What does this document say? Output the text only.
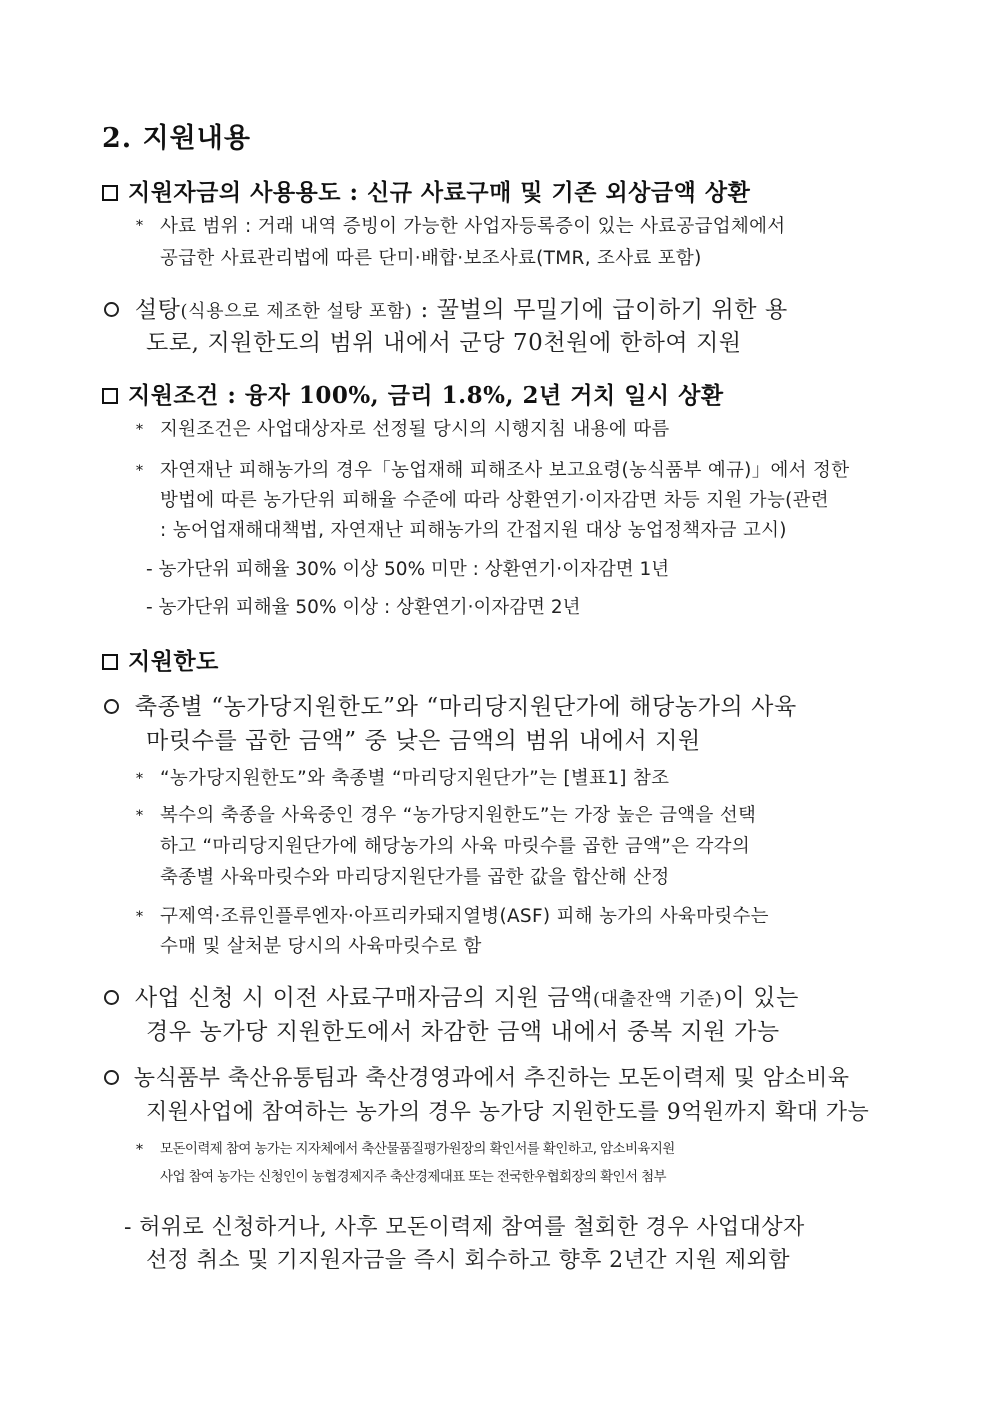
2. 지원내용
지원자금의 사용용도 : 신규 사료구매 및 기존 외상금액 상환
* 사료 범위 : 거래 내역 증빙이 가능한 사업자등록증이 있는 사료공급업체에서
공급한 사료관리법에 따른 단미·배합·보조사료(TMR, 조사료 포함)
설탕(식용으로 제조한 설탕 포함) : 꿀벌의 무밀기에 급이하기 위한 용
도로, 지원한도의 범위 내에서 군당 70천원에 한하여 지원
지원조건 : 융자 100%, 금리 1.8%, 2년 거치 일시 상환
* 지원조건은 사업대상자로 선정될 당시의 시행지침 내용에 따름
* 자연재난 피해농가의 경우「농업재해 피해조사 보고요령(농식품부 예규)」에서 정한
방법에 따른 농가단위 피해율 수준에 따라 상환연기·이자감면 차등 지원 가능(관련
: 농어업재해대책법, 자연재난 피해농가의 간접지원 대상 농업정책자금 고시)
- 농가단위 피해율 30% 이상 50% 미만 : 상환연기·이자감면 1년
- 농가단위 피해율 50% 이상 : 상환연기·이자감면 2년
지원한도
축종별 “농가당지원한도”와 “마리당지원단가에 해당농가의 사육
마릿수를 곱한 금액” 중 낮은 금액의 범위 내에서 지원
* “농가당지원한도”와 축종별 “마리당지원단가”는 [별표1] 참조
* 복수의 축종을 사육중인 경우 “농가당지원한도”는 가장 높은 금액을 선택
하고 “마리당지원단가에 해당농가의 사육 마릿수를 곱한 금액”은 각각의
축종별 사육마릿수와 마리당지원단가를 곱한 값을 합산해 산정
* 구제역·조류인플루엔자·아프리카돼지열병(ASF) 피해 농가의 사육마릿수는
수매 및 살처분 당시의 사육마릿수로 함
사업 신청 시 이전 사료구매자금의 지원 금액(대출잔액 기준)이 있는
경우 농가당 지원한도에서 차감한 금액 내에서 중복 지원 가능
농식품부 축산유통팀과 축산경영과에서 추진하는 모돈이력제 및 암소비육
지원사업에 참여하는 농가의 경우 농가당 지원한도를 9억원까지 확대 가능
* 모돈이력제 참여 농가는 지자체에서 축산물품질평가원장의 확인서를 확인하고, 암소비육지원
사업 참여 농가는 신청인이 농협경제지주 축산경제대표 또는 전국한우협회장의 확인서 첨부
- 허위로 신청하거나, 사후 모돈이력제 참여를 철회한 경우 사업대상자
선정 취소 및 기지원자금을 즉시 회수하고 향후 2년간 지원 제외함
